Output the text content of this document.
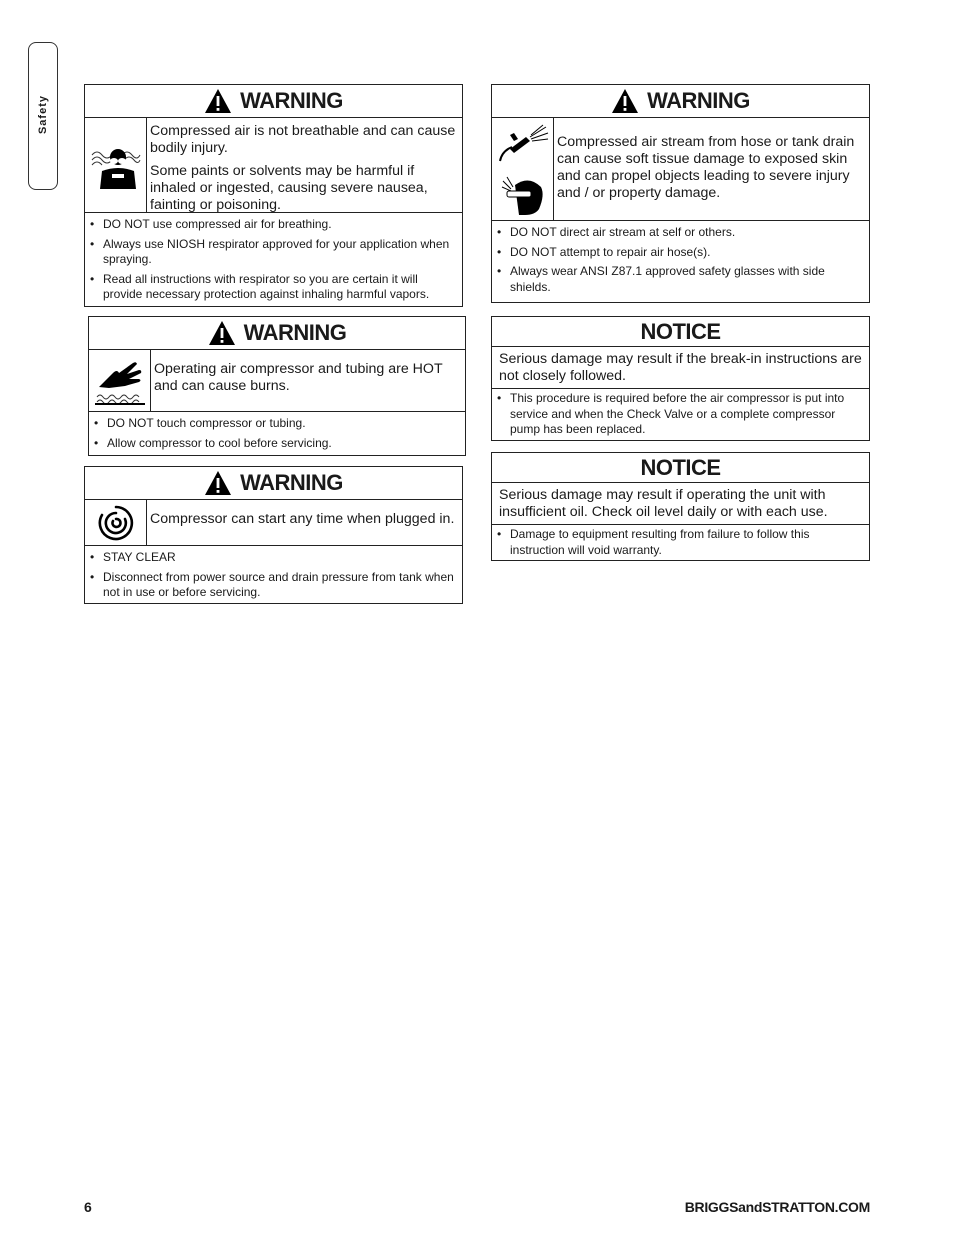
Safety	WARNING

Compressed air is not breathable and can cause bodily injury.

Some paints or solvents may be harmful if inhaled or ingested, causing severe nausea, fainting or poisoning.

• DO NOT use compressed air for breathing.
• Always use NIOSH respirator approved for your application when spraying.
• Read all instructions with respirator so you are certain it will provide necessary protection against inhaling harmful vapors.
WARNING

Operating air compressor and tubing are HOT and can cause burns.

• DO NOT touch compressor or tubing.
• Allow compressor to cool before servicing.
WARNING

Compressor can start any time when plugged in.

• STAY CLEAR
• Disconnect from power source and drain pressure from tank when not in use or before servicing.
WARNING

Compressed air stream from hose or tank drain can cause soft tissue damage to exposed skin and can propel objects leading to severe injury and / or property damage.

• DO NOT direct air stream at self or others.
• DO NOT attempt to repair air hose(s).
• Always wear ANSI Z87.1 approved safety glasses with side shields.
NOTICE
Serious damage may result if the break-in instructions are not closely followed.
• This procedure is required before the air compressor is put into service and when the Check Valve or a complete compressor pump has been replaced.
NOTICE
Serious damage may result if operating the unit with insufficient oil. Check oil level daily or with each use.
• Damage to equipment resulting from failure to follow this instruction will void warranty.
6	BRIGGSandSTRATTON.COM
